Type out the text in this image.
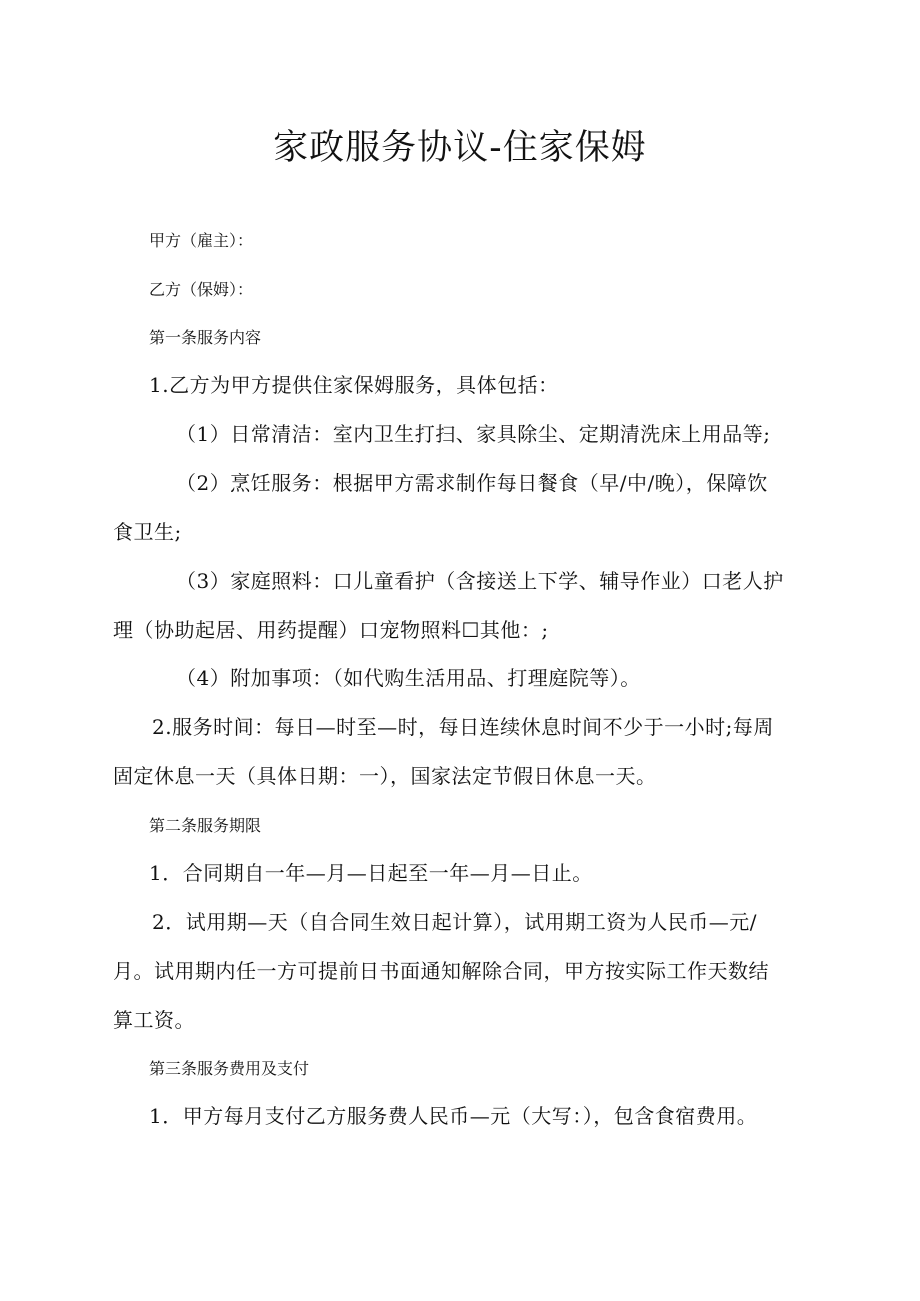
家政服务协议-住家保姆
甲方（雇主）：
乙方（保姆）：
第一条服务内容
1.乙方为甲方提供住家保姆服务，具体包括：
（1）日常清洁：室内卫生打扫、家具除尘、定期清洗床上用品等;
（2）烹饪服务：根据甲方需求制作每日餐食（早/中/晚），保障饮
食卫生;
（3）家庭照料：口儿童看护（含接送上下学、辅导作业）口老人护
理（协助起居、用药提醒）口宠物照料☐其他：;
（4）附加事项：（如代购生活用品、打理庭院等）。
2.服务时间：每日—时至—时，每日连续休息时间不少于一小时;每周
固定休息一天（具体日期：一），国家法定节假日休息一天。
第二条服务期限
1．合同期自一年—月—日起至一年—月—日止。
2．试用期—天（自合同生效日起计算），试用期工资为人民币—元/
月。试用期内任一方可提前日书面通知解除合同，甲方按实际工作天数结
算工资。
第三条服务费用及支付
1．甲方每月支付乙方服务费人民币—元（大写：），包含食宿费用。
